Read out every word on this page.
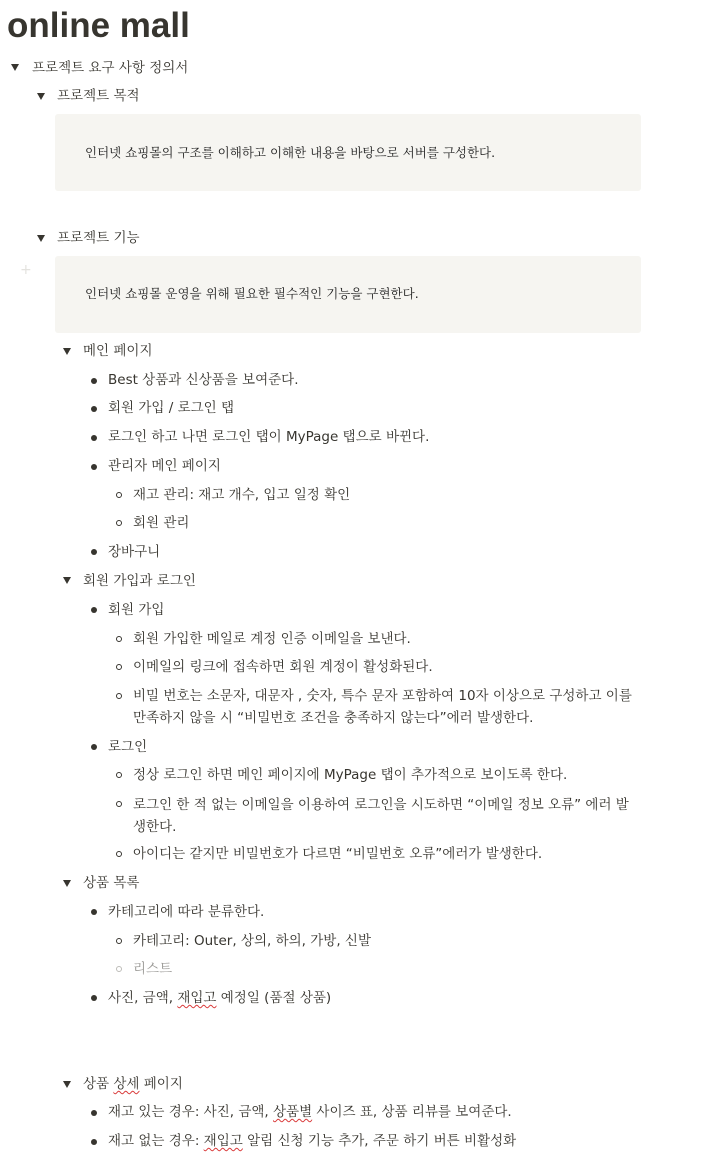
online mall
프로젝트 요구 사항 정의서
프로젝트 목적
인터넷 쇼핑몰의 구조를 이해하고 이해한 내용을 바탕으로 서버를 구성한다.
프로젝트 기능
+
인터넷 쇼핑몰 운영을 위해 필요한 필수적인 기능을 구현한다.
메인 페이지
Best 상품과 신상품을 보여준다.
회원 가입 / 로그인 탭
로그인 하고 나면 로그인 탭이 MyPage 탭으로 바뀐다.
관리자 메인 페이지
재고 관리: 재고 개수, 입고 일정 확인
회원 관리
장바구니
회원 가입과 로그인
회원 가입
회원 가입한 메일로 계정 인증 이메일을 보낸다.
이메일의 링크에 접속하면 회원 계정이 활성화된다.
비밀 번호는 소문자, 대문자 , 숫자, 특수 문자 포함하여 10자 이상으로 구성하고 이를 만족하지 않을 시 “비밀번호 조건을 충족하지 않는다”에러 발생한다.
로그인
정상 로그인 하면 메인 페이지에 MyPage 탭이 추가적으로 보이도록 한다.
로그인 한 적 없는 이메일을 이용하여 로그인을 시도하면 “이메일 정보 오류” 에러 발생한다.
아이디는 같지만 비밀번호가 다르면 “비밀번호 오류”에러가 발생한다.
상품 목록
카테고리에 따라 분류한다.
카테고리: Outer, 상의, 하의, 가방, 신발
리스트
사진, 금액, 재입고 예정일 (품절 상품)
상품 상세 페이지
재고 있는 경우: 사진, 금액, 상품별 사이즈 표, 상품 리뷰를 보여준다.
재고 없는 경우: 재입고 알림 신청 기능 추가, 주문 하기 버튼 비활성화
